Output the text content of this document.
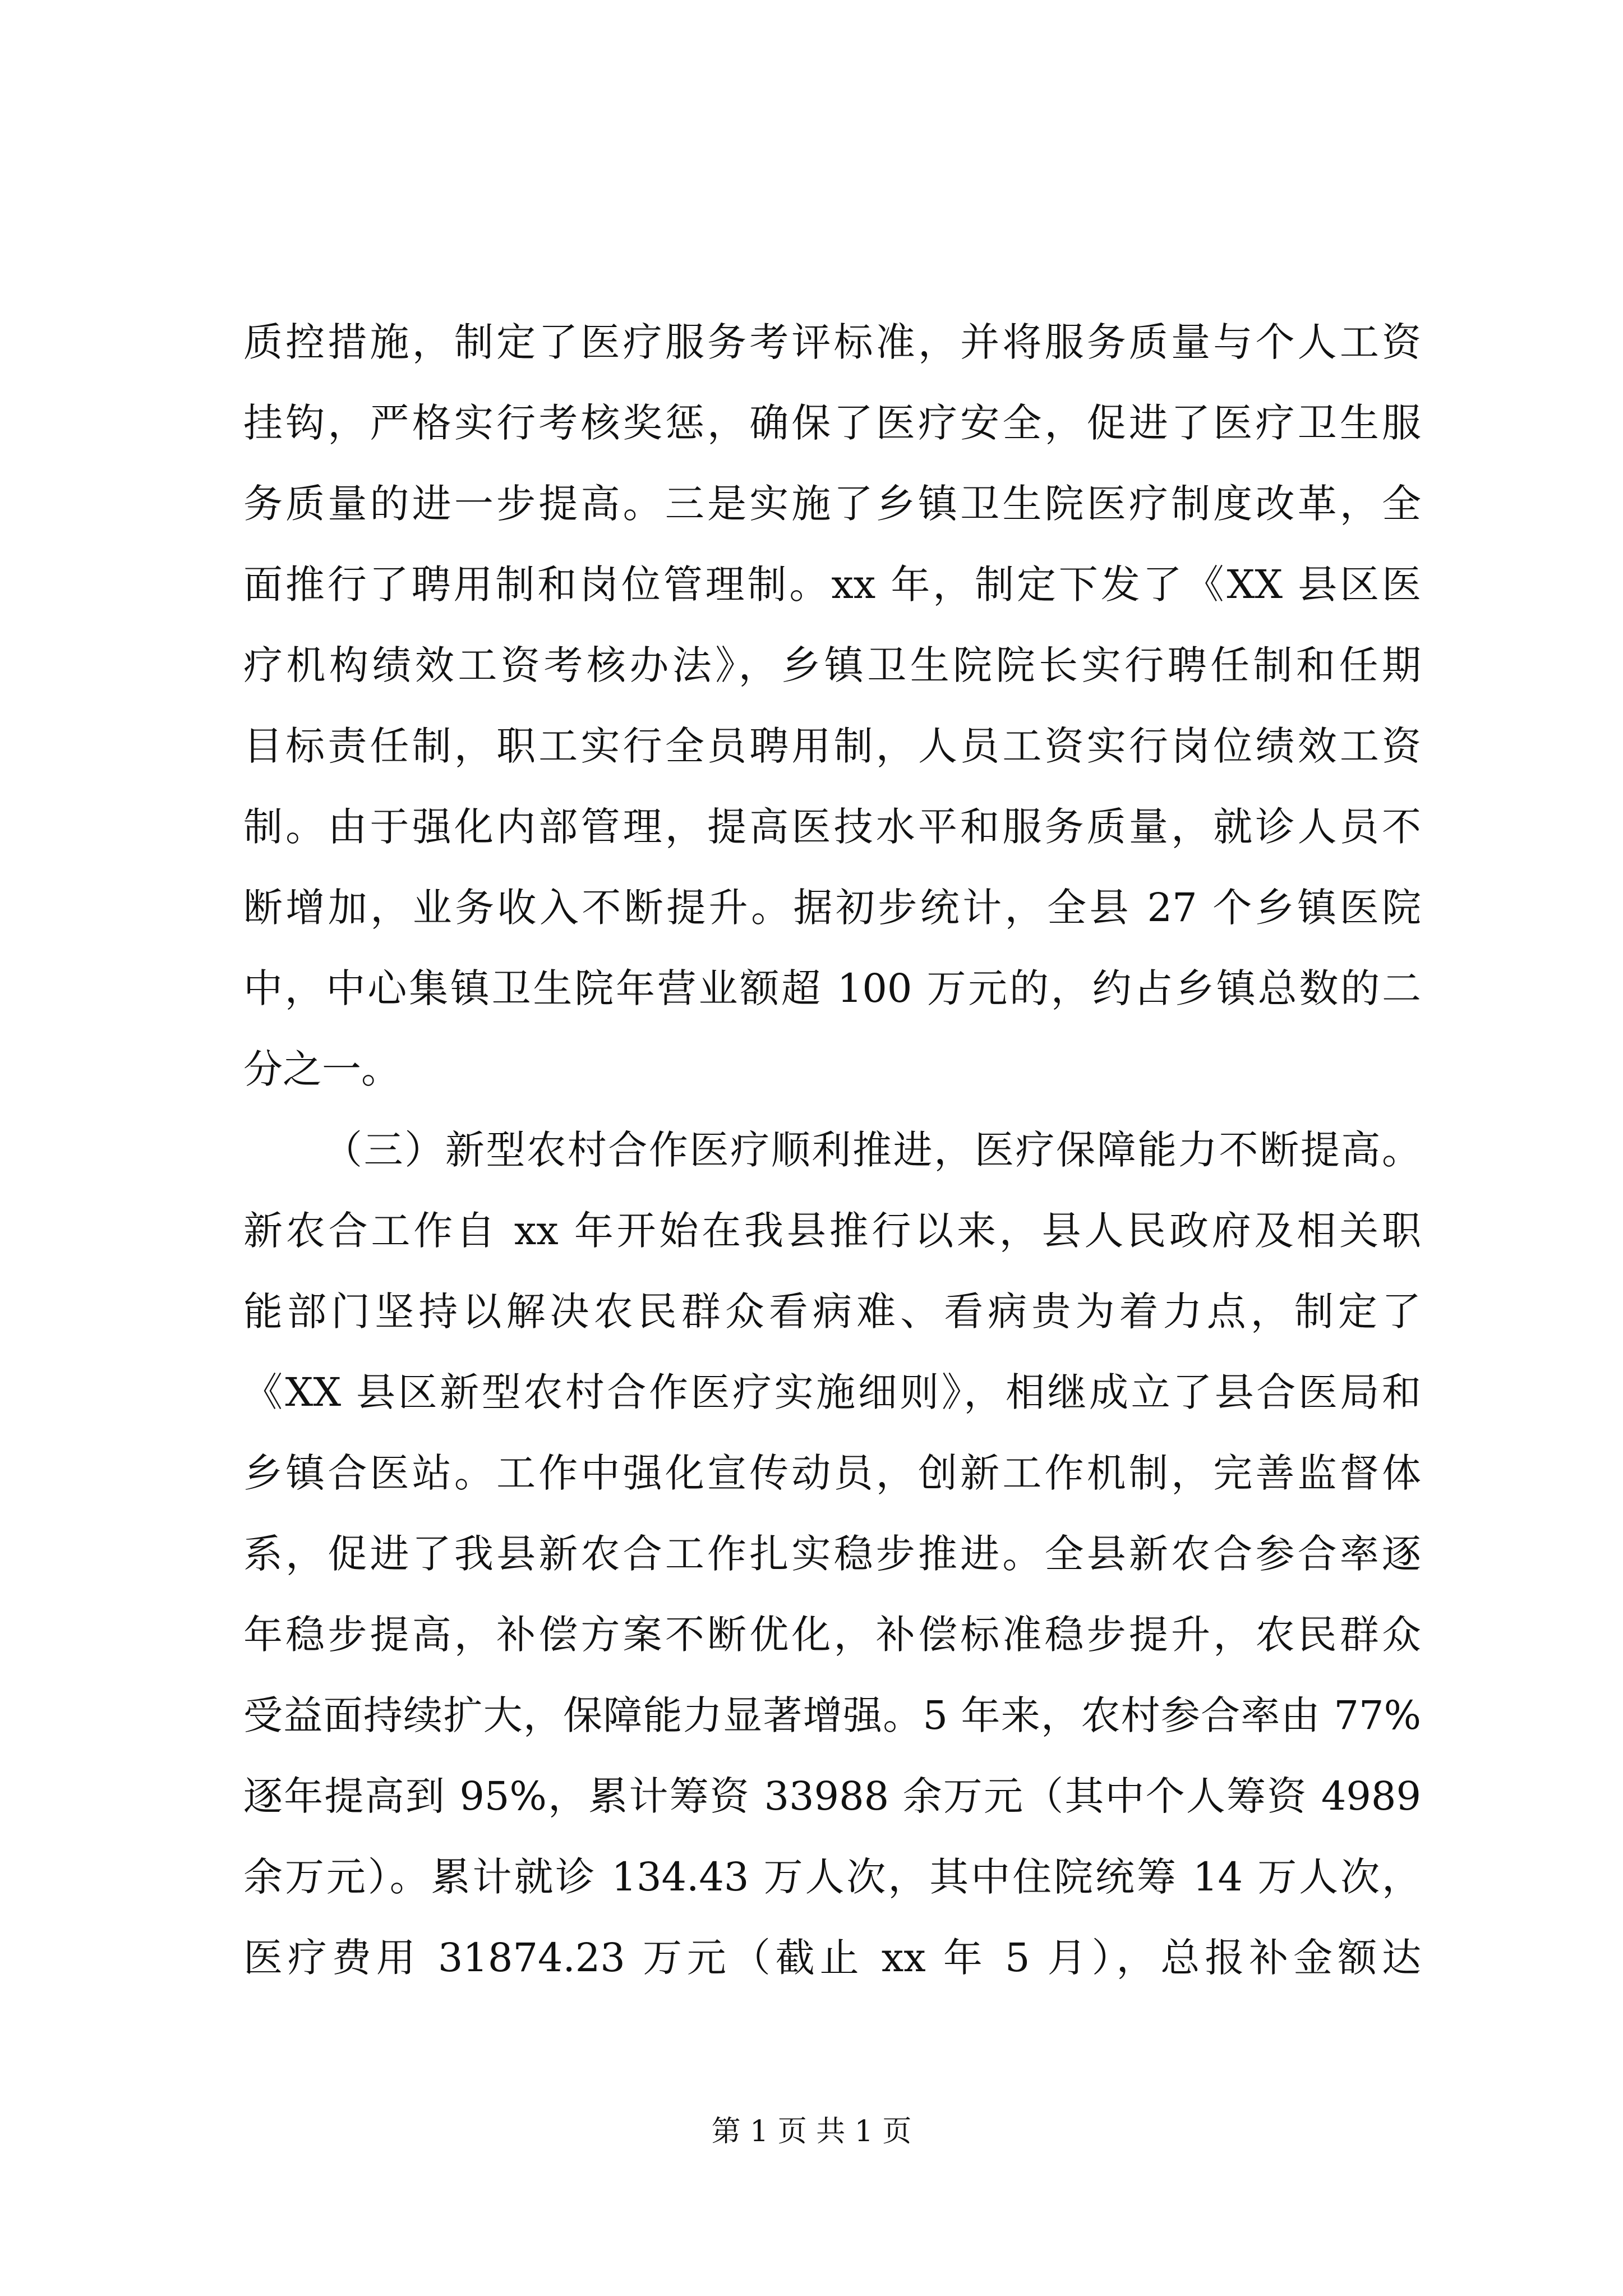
质控措施，制定了医疗服务考评标准，并将服务质量与个人工资
挂钩，严格实行考核奖惩，确保了医疗安全，促进了医疗卫生服
务质量的进一步提高。三是实施了乡镇卫生院医疗制度改革，全
面推行了聘用制和岗位管理制。xx 年，制定下发了《XX 县区医
疗机构绩效工资考核办法》，乡镇卫生院院长实行聘任制和任期
目标责任制，职工实行全员聘用制，人员工资实行岗位绩效工资
制。由于强化内部管理，提高医技水平和服务质量，就诊人员不
断增加，业务收入不断提升。据初步统计，全县 27 个乡镇医院
中，中心集镇卫生院年营业额超 100 万元的，约占乡镇总数的二
分之一。
（三）新型农村合作医疗顺利推进，医疗保障能力不断提高。
新农合工作自 xx 年开始在我县推行以来，县人民政府及相关职
能部门坚持以解决农民群众看病难、看病贵为着力点，制定了
《XX 县区新型农村合作医疗实施细则》，相继成立了县合医局和
乡镇合医站。工作中强化宣传动员，创新工作机制，完善监督体
系，促进了我县新农合工作扎实稳步推进。全县新农合参合率逐
年稳步提高，补偿方案不断优化，补偿标准稳步提升，农民群众
受益面持续扩大，保障能力显著增强。5 年来，农村参合率由 77%
逐年提高到 95%，累计筹资 33988 余万元（其中个人筹资 4989
余万元）。累计就诊 134.43 万人次，其中住院统筹 14 万人次，
医疗费用 31874.23 万元（截止 xx 年 5 月），总报补金额达
第 1 页 共 1 页
